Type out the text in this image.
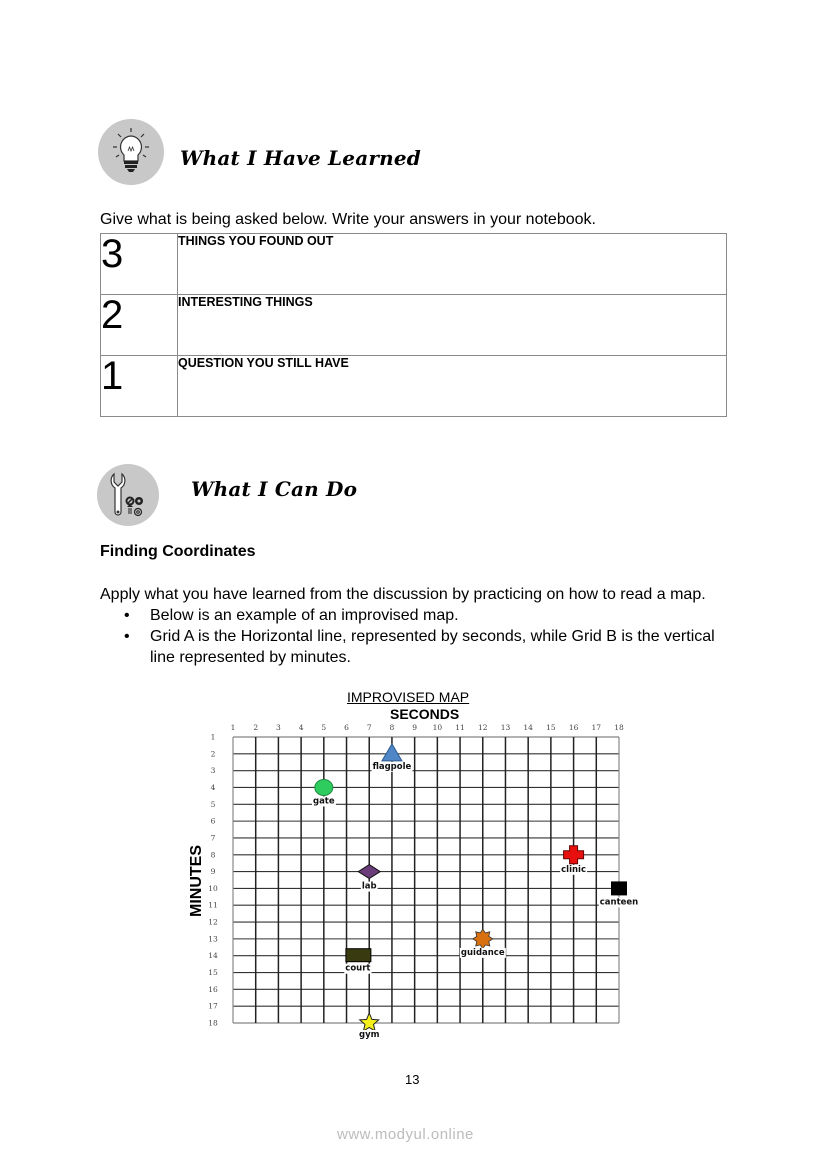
What I Have Learned
Give what is being asked below. Write your answers in your notebook.
3	THINGS YOU FOUND OUT
2	INTERESTING THINGS
1	QUESTION YOU STILL HAVE
What I Can Do
Finding Coordinates
Apply what you have learned from the discussion by practicing on how to read a map.
• Below is an example of an improvised map.
• Grid A is the Horizontal line, represented by seconds, while Grid B is the vertical line represented by minutes.
IMPROVISED MAP
SECONDS
MINUTES
1
2
3
4
5
6
7
8
9
10
11
12
13
14
15
16
17
18
1 2 3 4 5 6 7 8 9 10 11 12 13 14 15 16 17 18
flagpole
gate
clinic
lab
canteen
guidance
court
gym
13
www.modyul.online
